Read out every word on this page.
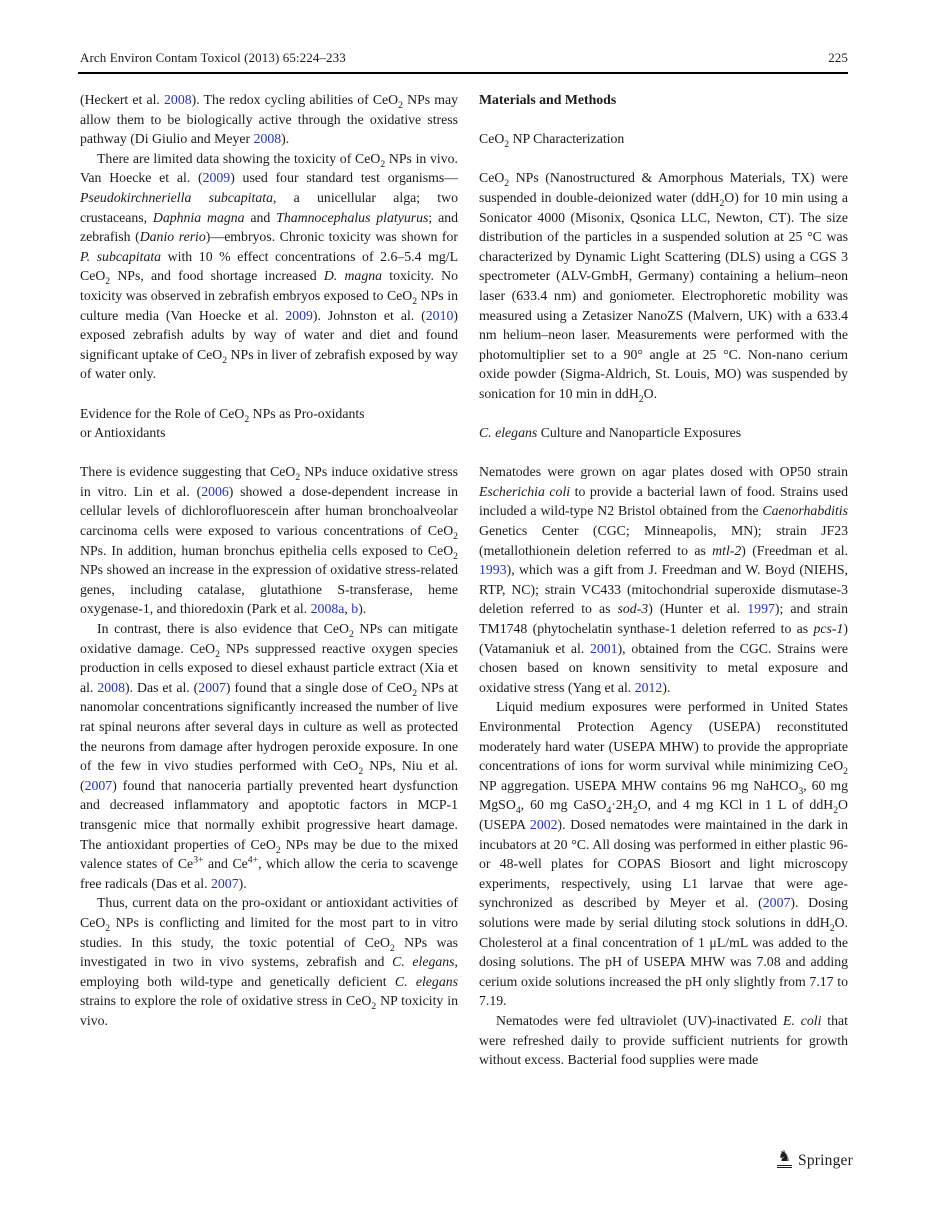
Arch Environ Contam Toxicol (2013) 65:224–233	225

(Heckert et al. 2008). The redox cycling abilities of CeO$_2$ NPs may allow them to be biologically active through the oxidative stress pathway (Di Giulio and Meyer 2008).

There are limited data showing the toxicity of CeO$_2$ NPs in vivo. Van Hoecke et al. (2009) used four standard test organisms—Pseudokirchneriella subcapitata, a unicellular alga; two crustaceans, Daphnia magna and Thamnocephalus platyurus; and zebrafish (Danio rerio)—embryos. Chronic toxicity was shown for P. subcapitata with 10 % effect concentrations of 2.6–5.4 mg/L CeO$_2$ NPs, and food shortage increased D. magna toxicity. No toxicity was observed in zebrafish embryos exposed to CeO$_2$ NPs in culture media (Van Hoecke et al. 2009). Johnston et al. (2010) exposed zebrafish adults by way of water and diet and found significant uptake of CeO$_2$ NPs in liver of zebrafish exposed by way of water only.

Evidence for the Role of CeO$_2$ NPs as Pro-oxidants
or Antioxidants

There is evidence suggesting that CeO$_2$ NPs induce oxidative stress in vitro. Lin et al. (2006) showed a dose-dependent increase in cellular levels of dichlorofluorescein after human bronchoalveolar carcinoma cells were exposed to various concentrations of CeO$_2$ NPs. In addition, human bronchus epithelia cells exposed to CeO$_2$ NPs showed an increase in the expression of oxidative stress-related genes, including catalase, glutathione S-transferase, heme oxygenase-1, and thioredoxin (Park et al. 2008a, b).

In contrast, there is also evidence that CeO$_2$ NPs can mitigate oxidative damage. CeO$_2$ NPs suppressed reactive oxygen species production in cells exposed to diesel exhaust particle extract (Xia et al. 2008). Das et al. (2007) found that a single dose of CeO$_2$ NPs at nanomolar concentrations significantly increased the number of live rat spinal neurons after several days in culture as well as protected the neurons from damage after hydrogen peroxide exposure. In one of the few in vivo studies performed with CeO$_2$ NPs, Niu et al. (2007) found that nanoceria partially prevented heart dysfunction and decreased inflammatory and apoptotic factors in MCP-1 transgenic mice that normally exhibit progressive heart damage. The antioxidant properties of CeO$_2$ NPs may be due to the mixed valence states of $Ce^{3+}$ and $Ce^{4+}$, which allow the ceria to scavenge free radicals (Das et al. 2007).

Thus, current data on the pro-oxidant or antioxidant activities of CeO$_2$ NPs is conflicting and limited for the most part to in vitro studies. In this study, the toxic potential of CeO$_2$ NPs was investigated in two in vivo systems, zebrafish and C. elegans, employing both wild-type and genetically deficient C. elegans strains to explore the role of oxidative stress in CeO$_2$ NP toxicity in vivo.

Materials and Methods
CeO$_2$ NP Characterization

CeO$_2$ NPs (Nanostructured & Amorphous Materials, TX) were suspended in double-deionized water (ddH$_2$O) for 10 min using a Sonicator 4000 (Misonix, Qsonica LLC, Newton, CT). The size distribution of the particles in a suspended solution at 25 °C was characterized by Dynamic Light Scattering (DLS) using a CGS 3 spectrometer (ALV-GmbH, Germany) containing a helium–neon laser (633.4 nm) and goniometer. Electrophoretic mobility was measured using a Zetasizer NanoZS (Malvern, UK) with a 633.4 nm helium–neon laser. Measurements were performed with the photomultiplier set to a 90° angle at 25 °C. Non-nano cerium oxide powder (Sigma-Aldrich, St. Louis, MO) was suspended by sonication for 10 min in ddH$_2$O.

C. elegans Culture and Nanoparticle Exposures

Nematodes were grown on agar plates dosed with OP50 strain Escherichia coli to provide a bacterial lawn of food. Strains used included a wild-type N2 Bristol obtained from the Caenorhabditis Genetics Center (CGC; Minneapolis, MN); strain JF23 (metallothionein deletion referred to as mtl-2) (Freedman et al. 1993), which was a gift from J. Freedman and W. Boyd (NIEHS, RTP, NC); strain VC433 (mitochondrial superoxide dismutase-3 deletion referred to as sod-3) (Hunter et al. 1997); and strain TM1748 (phytochelatin synthase-1 deletion referred to as pcs-1) (Vatamaniuk et al. 2001), obtained from the CGC. Strains were chosen based on known sensitivity to metal exposure and oxidative stress (Yang et al. 2012).

Liquid medium exposures were performed in United States Environmental Protection Agency (USEPA) reconstituted moderately hard water (USEPA MHW) to provide the appropriate concentrations of ions for worm survival while minimizing CeO$_2$ NP aggregation. USEPA MHW contains 96 mg NaHCO$_3$, 60 mg MgSO$_4$, 60 mg $CaSO_4\cdot 2H_2O$, and 4 mg KCl in 1 L of ddH$_2$O (USEPA 2002). Dosed nematodes were maintained in the dark in incubators at 20 °C. All dosing was performed in either plastic 96- or 48-well plates for COPAS Biosort and light microscopy experiments, respectively, using L1 larvae that were age-synchronized as described by Meyer et al. (2007). Dosing solutions were made by serial diluting stock solutions in ddH$_2$O. Cholesterol at a final concentration of 1 μL/mL was added to the dosing solutions. The pH of USEPA MHW was 7.08 and adding cerium oxide solutions increased the pH only slightly from 7.17 to 7.19.

Nematodes were fed ultraviolet (UV)-inactivated E. coli that were refreshed daily to provide sufficient nutrients for growth without excess. Bacterial food supplies were made

♞ Springer
